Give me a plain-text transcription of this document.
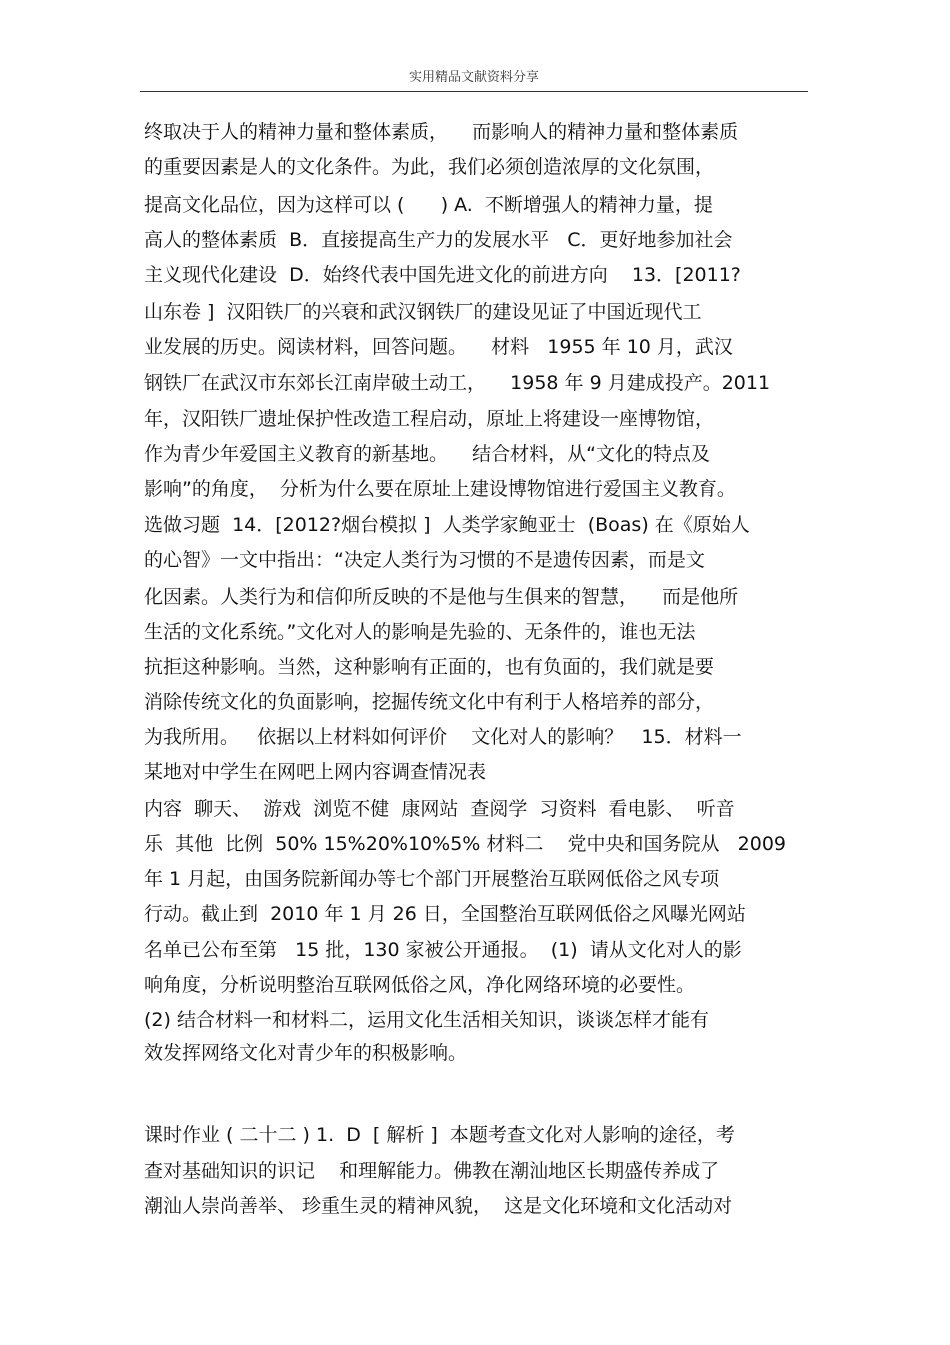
实用精品文献资料分享
终取决于人的精神力量和整体素质，    而影响人的精神力量和整体素质
的重要因素是人的文化条件。为此，我们必须创造浓厚的文化氛围，
提高文化品位，因为这样可以 (      ) A.  不断增强人的精神力量，提
高人的整体素质  B．直接提高生产力的发展水平   C．更好地参加社会
主义现代化建设  D．始终代表中国先进文化的前进方向    13．[2011?
山东卷 ]  汉阳铁厂的兴衰和武汉钢铁厂的建设见证了中国近现代工
业发展的历史。阅读材料，回答问题。    材料   1955 年 10 月，武汉
钢铁厂在武汉市东郊长江南岸破土动工，    1958 年 9 月建成投产。2011
年，汉阳铁厂遗址保护性改造工程启动，原址上将建设一座博物馆，
作为青少年爱国主义教育的新基地。    结合材料，从“文化的特点及
影响”的角度，  分析为什么要在原址上建设博物馆进行爱国主义教育。
选做习题  14．[2012?烟台模拟 ]  人类学家鲍亚士  (Boas) 在《原始人
的心智》一文中指出：“决定人类行为习惯的不是遗传因素，而是文
化因素。人类行为和信仰所反映的不是他与生俱来的智慧，    而是他所
生活的文化系统。”文化对人的影响是先验的、无条件的，谁也无法
抗拒这种影响。当然，这种影响有正面的，也有负面的，我们就是要
消除传统文化的负面影响，挖掘传统文化中有利于人格培养的部分，
为我所用。   依据以上材料如何评价    文化对人的影响？   15．材料一
某地对中学生在网吧上网内容调查情况表
内容  聊天、  游戏  浏览不健  康网站  查阅学  习资料  看电影、  听音
乐  其他  比例  50% 15%20%10%5% 材料二    党中央和国务院从   2009
年 1 月起，由国务院新闻办等七个部门开展整治互联网低俗之风专项
行动。截止到  2010 年 1 月 26 日，全国整治互联网低俗之风曝光网站
名单已公布至第   15 批，130 家被公开通报。  (1)  请从文化对人的影
响角度，分析说明整治互联网低俗之风，净化网络环境的必要性。
(2) 结合材料一和材料二，运用文化生活相关知识，谈谈怎样才能有
效发挥网络文化对青少年的积极影响。
课时作业 ( 二十二 ) 1.  D  [ 解析 ]  本题考查文化对人影响的途径，考
查对基础知识的识记    和理解能力。佛教在潮汕地区长期盛传养成了
潮汕人崇尚善举、 珍重生灵的精神风貌，  这是文化环境和文化活动对
